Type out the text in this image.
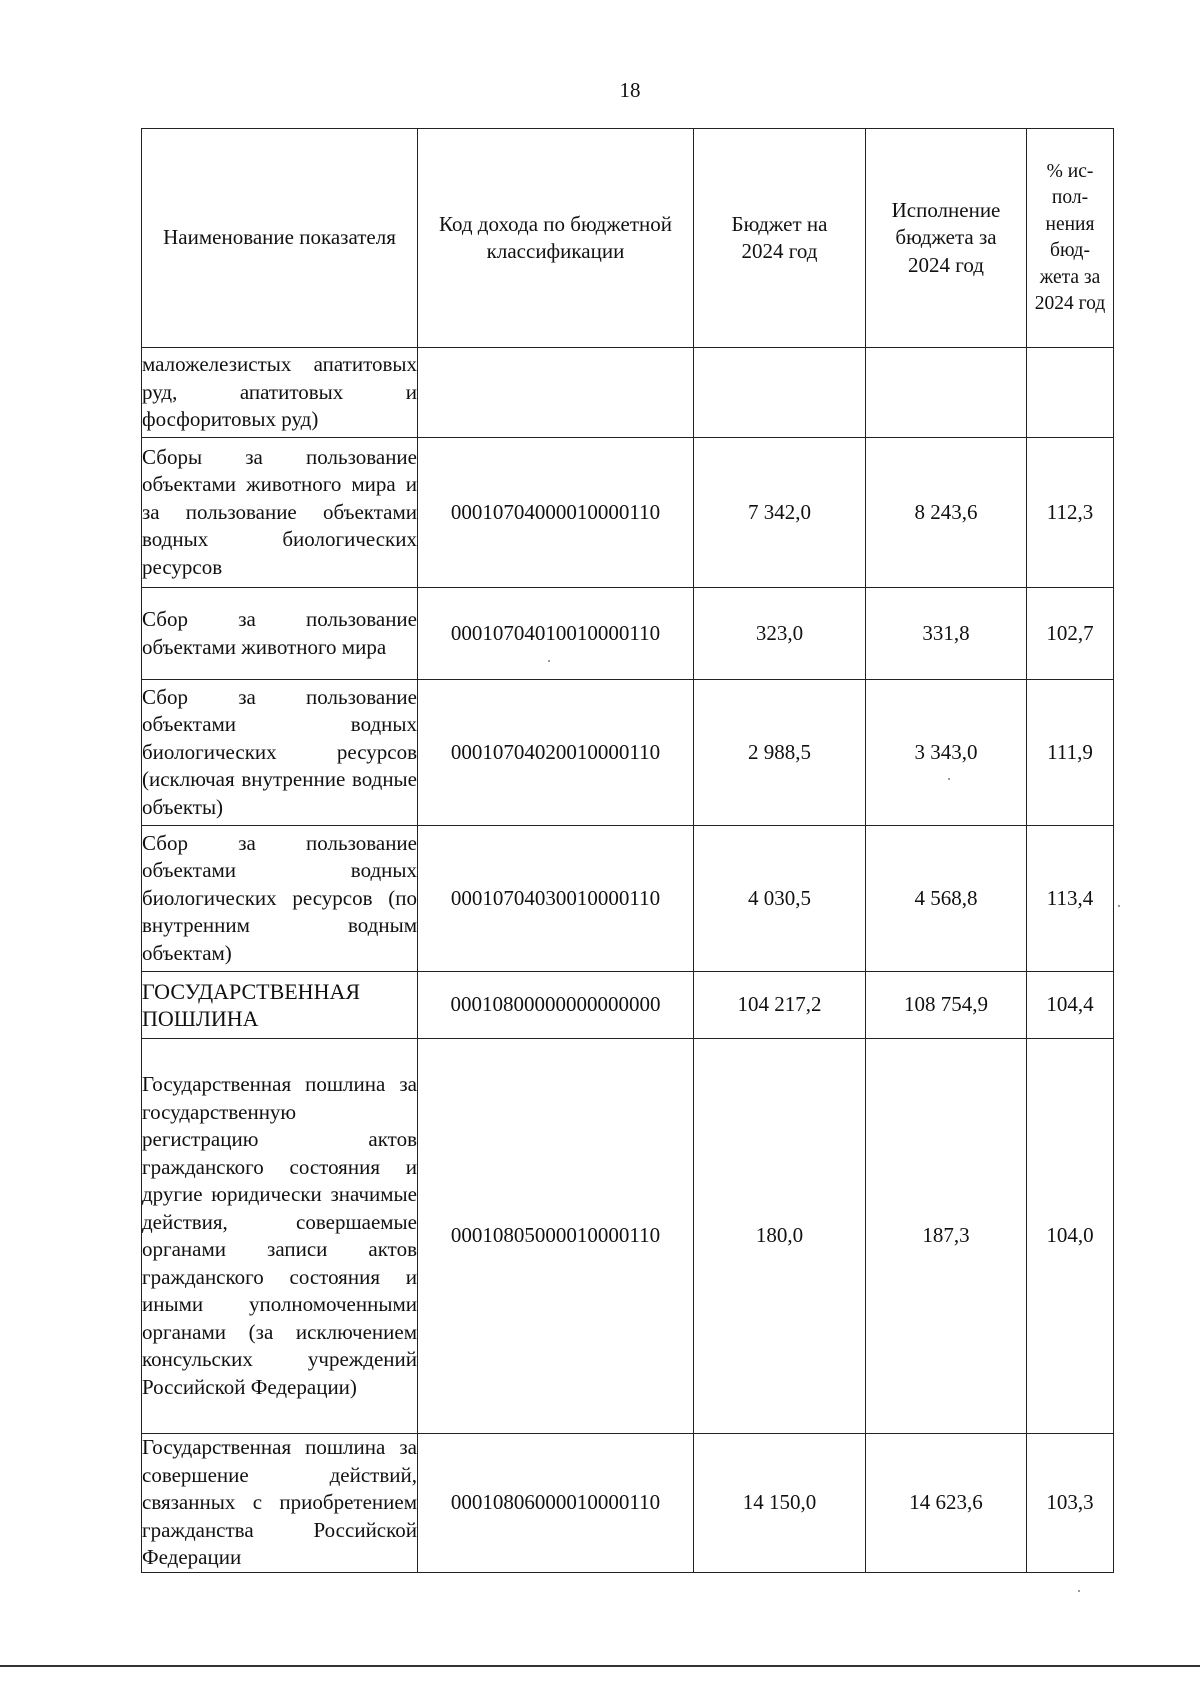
18
Наименование показателя	Код дохода по бюджетной классификации	Бюджет на 2024 год	Исполнение бюджета за 2024 год	% ис-пол-нения бюд-жета за 2024 год
маложелезистых апатитовых руд, апатитовых и фосфоритовых руд)				
Сборы за пользование объектами животного мира и за пользование объектами водных биологических ресурсов	00010704000010000110	7 342,0	8 243,6	112,3
Сбор за пользование объектами животного мира	00010704010010000110	323,0	331,8	102,7
Сбор за пользование объектами водных биологических ресурсов (исключая внутренние водные объекты)	00010704020010000110	2 988,5	3 343,0	111,9
Сбор за пользование объектами водных биологических ресурсов (по внутренним водным объектам)	00010704030010000110	4 030,5	4 568,8	113,4
ГОСУДАРСТВЕННАЯ ПОШЛИНА	00010800000000000000	104 217,2	108 754,9	104,4
Государственная пошлина за государственную регистрацию актов гражданского состояния и другие юридически значимые действия, совершаемые органами записи актов гражданского состояния и иными уполномоченными органами (за исключением консульских учреждений Российской Федерации)	00010805000010000110	180,0	187,3	104,0
Государственная пошлина за совершение действий, связанных с приобретением гражданства Российской Федерации	00010806000010000110	14 150,0	14 623,6	103,3
